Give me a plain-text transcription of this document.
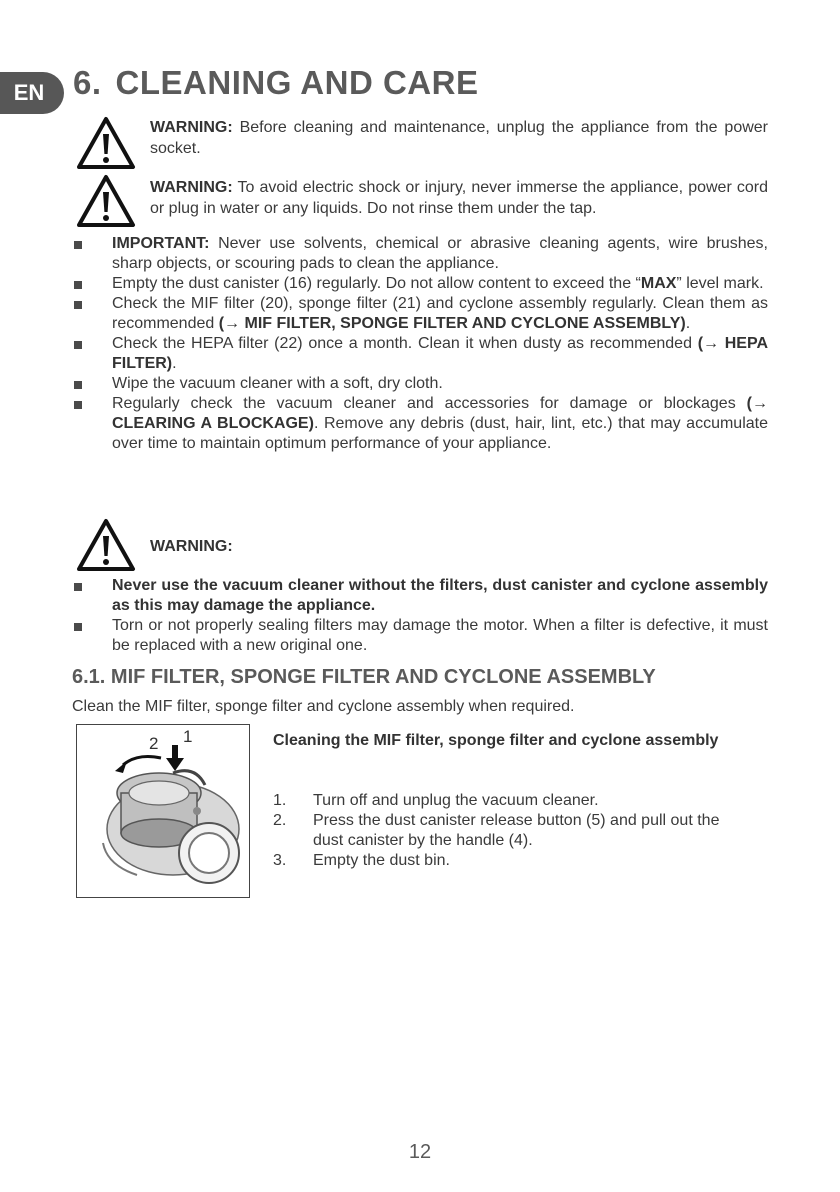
EN 6. CLEANING AND CARE
WARNING: Before cleaning and maintenance, unplug the appliance from the power socket.
WARNING: To avoid electric shock or injury, never immerse the appliance, power cord or plug in water or any liquids. Do not rinse them under the tap.
IMPORTANT: Never use solvents, chemical or abrasive cleaning agents, wire brushes, sharp objects, or scouring pads to clean the appliance.
Empty the dust canister (16) regularly. Do not allow content to exceed the “MAX” level mark.
Check the MIF filter (20), sponge filter (21) and cyclone assembly regularly. Clean them as recommended (→ MIF FILTER, SPONGE FILTER AND CYCLONE ASSEMBLY).
Check the HEPA filter (22) once a month. Clean it when dusty as recommended (→ HEPA FILTER).
Wipe the vacuum cleaner with a soft, dry cloth.
Regularly check the vacuum cleaner and accessories for damage or blockages (→ CLEARING A BLOCKAGE). Remove any debris (dust, hair, lint, etc.) that may accumulate over time to maintain optimum performance of your appliance.
WARNING:
Never use the vacuum cleaner without the filters, dust canister and cyclone assembly as this may damage the appliance.
Torn or not properly sealing filters may damage the motor. When a filter is defective, it must be replaced with a new original one.
6.1. MIF FILTER, SPONGE FILTER AND CYCLONE ASSEMBLY
Clean the MIF filter, sponge filter and cyclone assembly when required.
2 1	Cleaning the MIF filter, sponge filter and cyclone assembly
1. Turn off and unplug the vacuum cleaner.
2. Press the dust canister release button (5) and pull out the dust canister by the handle (4).
3. Empty the dust bin.
12
